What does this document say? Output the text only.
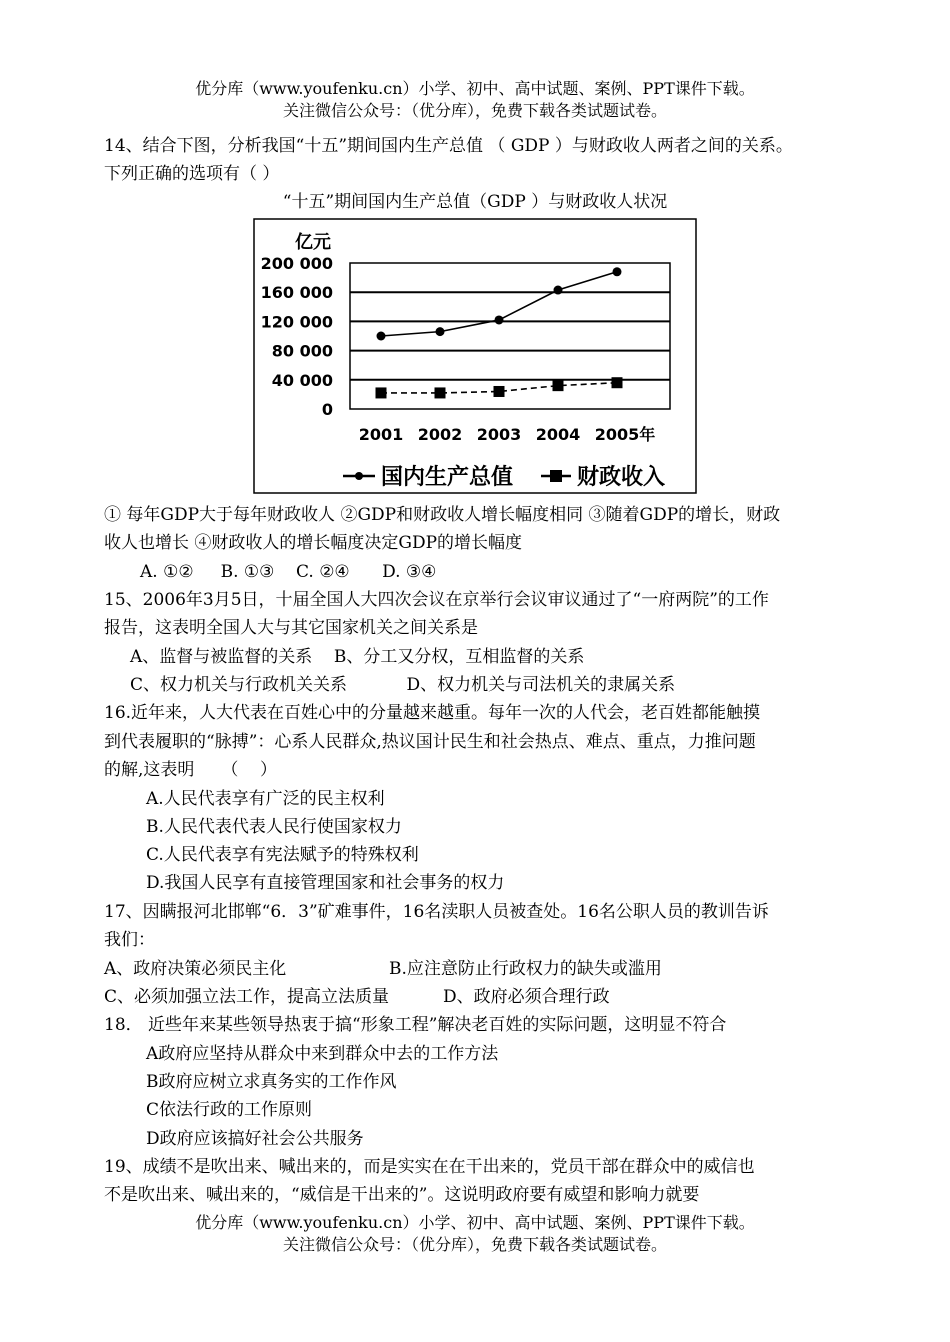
优分库（www.youfenku.cn）小学、初中、高中试题、案例、PPT课件下载。
关注微信公众号：（优分库），免费下载各类试题试卷。
14、结合下图，分析我国“十五”期间国内生产总值 （ GDP ）与财政收人两者之间的关系。
下列正确的选项有（ ）
“十五”期间国内生产总值（GDP ）与财政收人状况
亿元
200 000
160 000
120 000
80 000
40 000
0
2001 2002 2003 2004 2005年
国内生产总值	财政收入
① 每年GDP大于每年财政收人 ②GDP和财政收人增长幅度相同 ③随着GDP的增长，财政
收人也增长 ④财政收人的增长幅度决定GDP的增长幅度
A. ①②     B. ①③    C. ②④      D. ③④
15、2006年3月5日，十届全国人大四次会议在京举行会议审议通过了“一府两院”的工作
报告，这表明全国人大与其它国家机关之间关系是
A、监督与被监督的关系    B、分工又分权，互相监督的关系
C、权力机关与行政机关关系           D、权力机关与司法机关的隶属关系
16.近年来，人大代表在百姓心中的分量越来越重。每年一次的人代会，老百姓都能触摸
到代表履职的“脉搏”：心系人民群众,热议国计民生和社会热点、难点、重点，力推问题
的解,这表明     （    ）
A.人民代表享有广泛的民主权利
B.人民代表代表人民行使国家权力
C.人民代表享有宪法赋予的特殊权利
D.我国人民享有直接管理国家和社会事务的权力
17、因瞒报河北邯郸“6．3”矿难事件，16名渎职人员被查处。16名公职人员的教训告诉
我们：
A、政府决策必须民主化                   B.应注意防止行政权力的缺失或滥用
C、必须加强立法工作，提高立法质量          D、政府必须合理行政
18． 近些年来某些领导热衷于搞“形象工程”解决老百姓的实际问题，这明显不符合
A政府应坚持从群众中来到群众中去的工作方法
B政府应树立求真务实的工作作风
C依法行政的工作原则
D政府应该搞好社会公共服务
19、成绩不是吹出来、喊出来的，而是实实在在干出来的，党员干部在群众中的威信也
不是吹出来、喊出来的，“威信是干出来的”。这说明政府要有威望和影响力就要
优分库（www.youfenku.cn）小学、初中、高中试题、案例、PPT课件下载。
关注微信公众号：（优分库），免费下载各类试题试卷。
